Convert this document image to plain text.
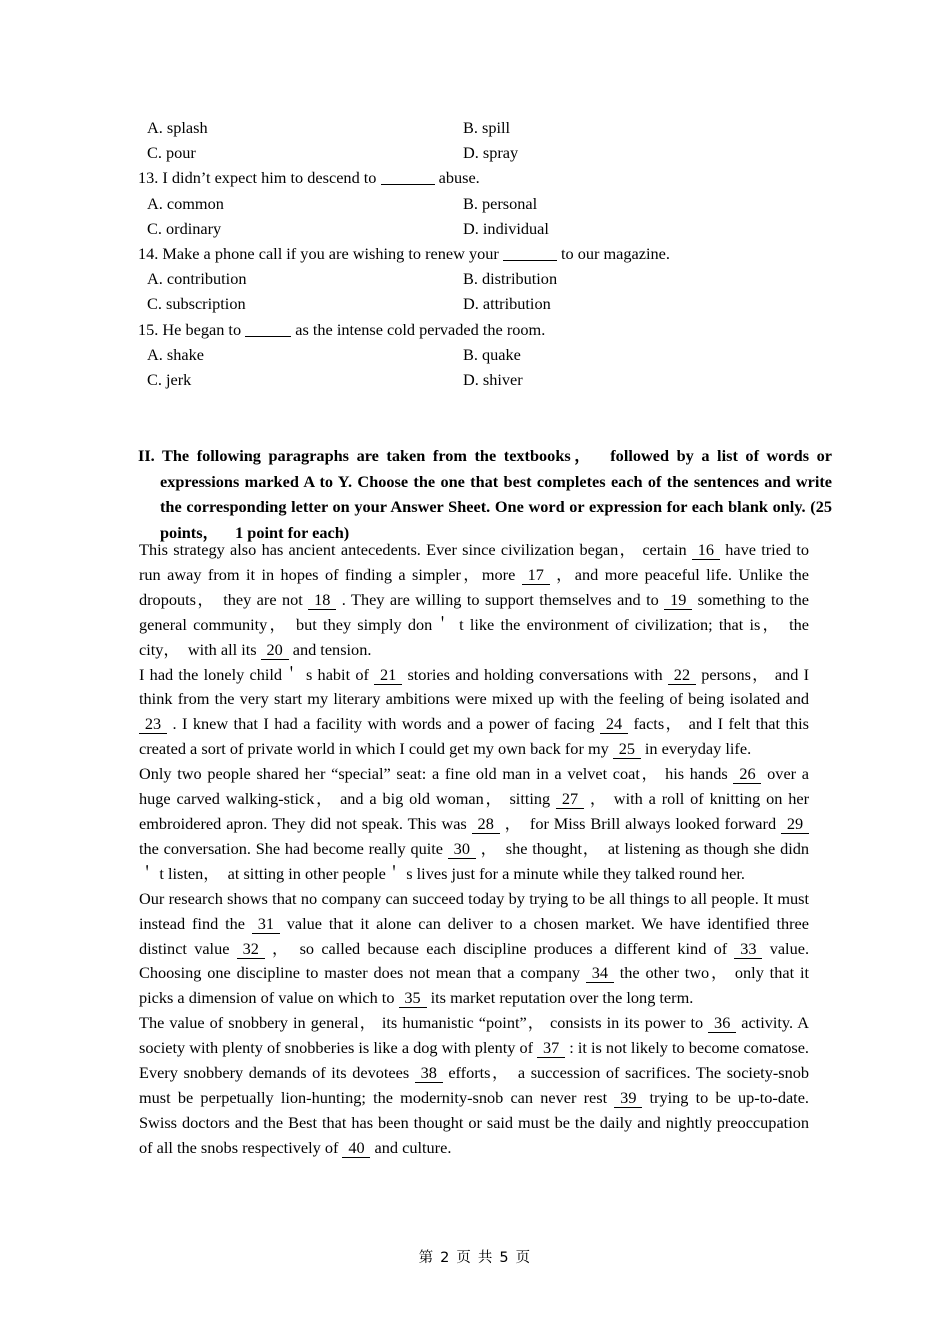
A. splash	B. spill
C. pour	D. spray
13. I didn’t expect him to descend to	abuse.
A. common	B. personal
C. ordinary	D. individual
14. Make a phone call if you are wishing to renew your	to our magazine.
A. contribution	B. distribution
C. subscription	D. attribution
15. He began to	as the intense cold pervaded the room.
A. shake	B. quake
C. jerk	D. shiver
II. The following paragraphs are taken from the textbooks， followed by a list of words or expressions marked A to Y. Choose the one that best completes each of the sentences and write the corresponding letter on your Answer Sheet. One word or expression for each blank only. (25 points， 1 point for each)

This strategy also has ancient antecedents. Ever since civilization began， certain 16 have tried to run away from it in hopes of finding a simpler，more 17 ，and more peaceful life. Unlike the dropouts， they are not 18 . They are willing to support themselves and to 19 something to the general community， but they simply don＇ t like the environment of civilization; that is， the city， with all its 20 and tension.

I had the lonely child＇ s habit of 21 stories and holding conversations with 22 persons， and I think from the very start my literary ambitions were mixed up with the feeling of being isolated and 23 . I knew that I had a facility with words and a power of facing 24 facts， and I felt that this created a sort of private world in which I could get my own back for my 25 in everyday life.

Only two people shared her “special” seat: a fine old man in a velvet coat， his hands 26 over a huge carved walking-stick， and a big old woman， sitting 27 ， with a roll of knitting on her embroidered apron. They did not speak. This was 28 ， for Miss Brill always looked forward 29 the conversation. She had become really quite 30 ， she thought， at listening as though she didn＇ t listen， at sitting in other people＇ s lives just for a minute while they talked round her.

Our research shows that no company can succeed today by trying to be all things to all people. It must instead find the 31 value that it alone can deliver to a chosen market. We have identified three distinct value 32 ， so called because each discipline produces a different kind of 33 value. Choosing one discipline to master does not mean that a company 34 the other two， only that it picks a dimension of value on which to 35 its market reputation over the long term.

The value of snobbery in general， its humanistic “point”， consists in its power to 36 activity. A society with plenty of snobberies is like a dog with plenty of 37 : it is not likely to become comatose. Every snobbery demands of its devotees 38 efforts， a succession of sacrifices. The society-snob must be perpetually lion-hunting; the modernity-snob can never rest 39 trying to be up-to-date. Swiss doctors and the Best that has been thought or said must be the daily and nightly preoccupation of all the snobs respectively of 40 and culture.

第 2 页 共 5 页
